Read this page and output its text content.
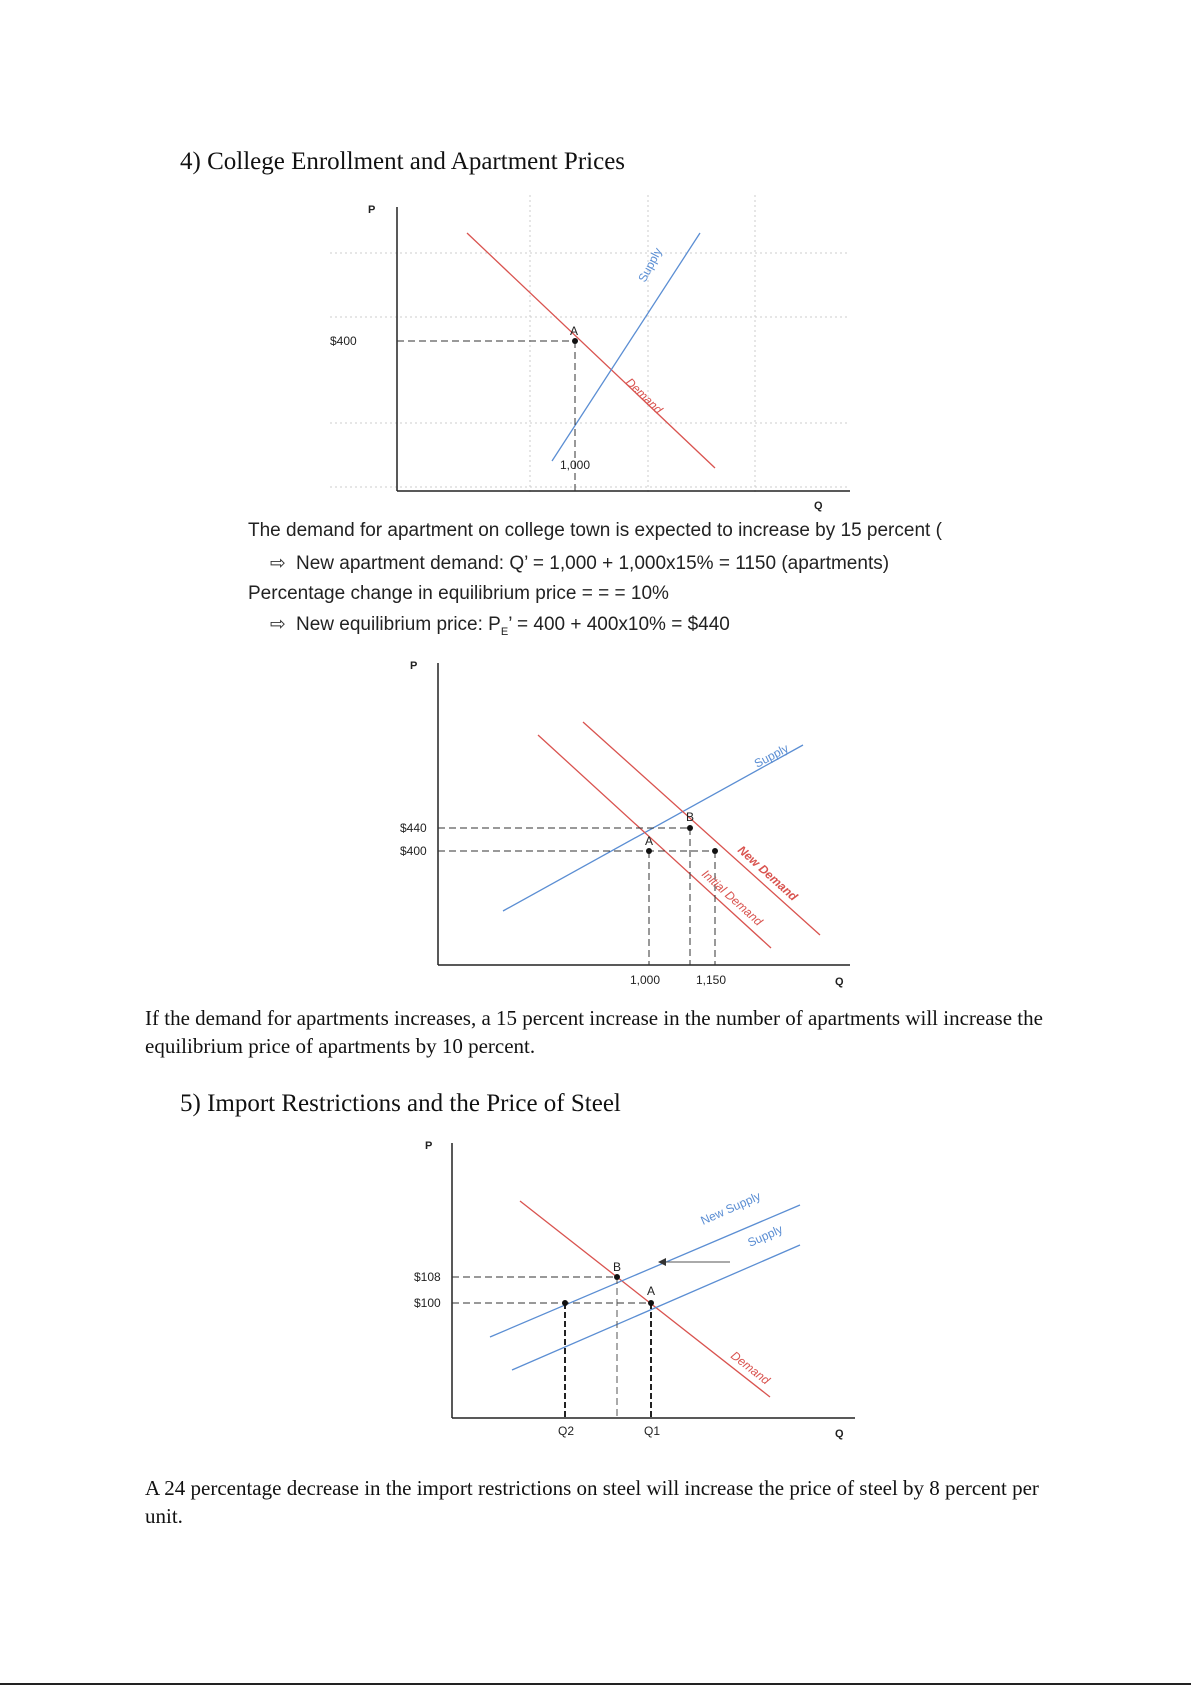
4) College Enrollment and Apartment Prices
P
Q
A
$400
1,000
Supply
Demand
The demand for apartment on college town is expected to increase by 15 percent (
⇨ New apartment demand: Q’ = 1,000 + 1,000x15% = 1150 (apartments)
Percentage change in equilibrium price = = = 10%
⇨ New equilibrium price: $P_E$’ = 400 + 400x10% = $440
P
Q
A
B
$440
$400
1,000	1,150
Supply
New Demand
Initial Demand
If the demand for apartments increases, a 15 percent increase in the number of apartments will increase the equilibrium price of apartments by 10 percent.
5) Import Restrictions and the Price of Steel
P
Q
B
A
$108
$100
Q2	Q1
New Supply
Supply
Demand
A 24 percentage decrease in the import restrictions on steel will increase the price of steel by 8 percent per unit.
